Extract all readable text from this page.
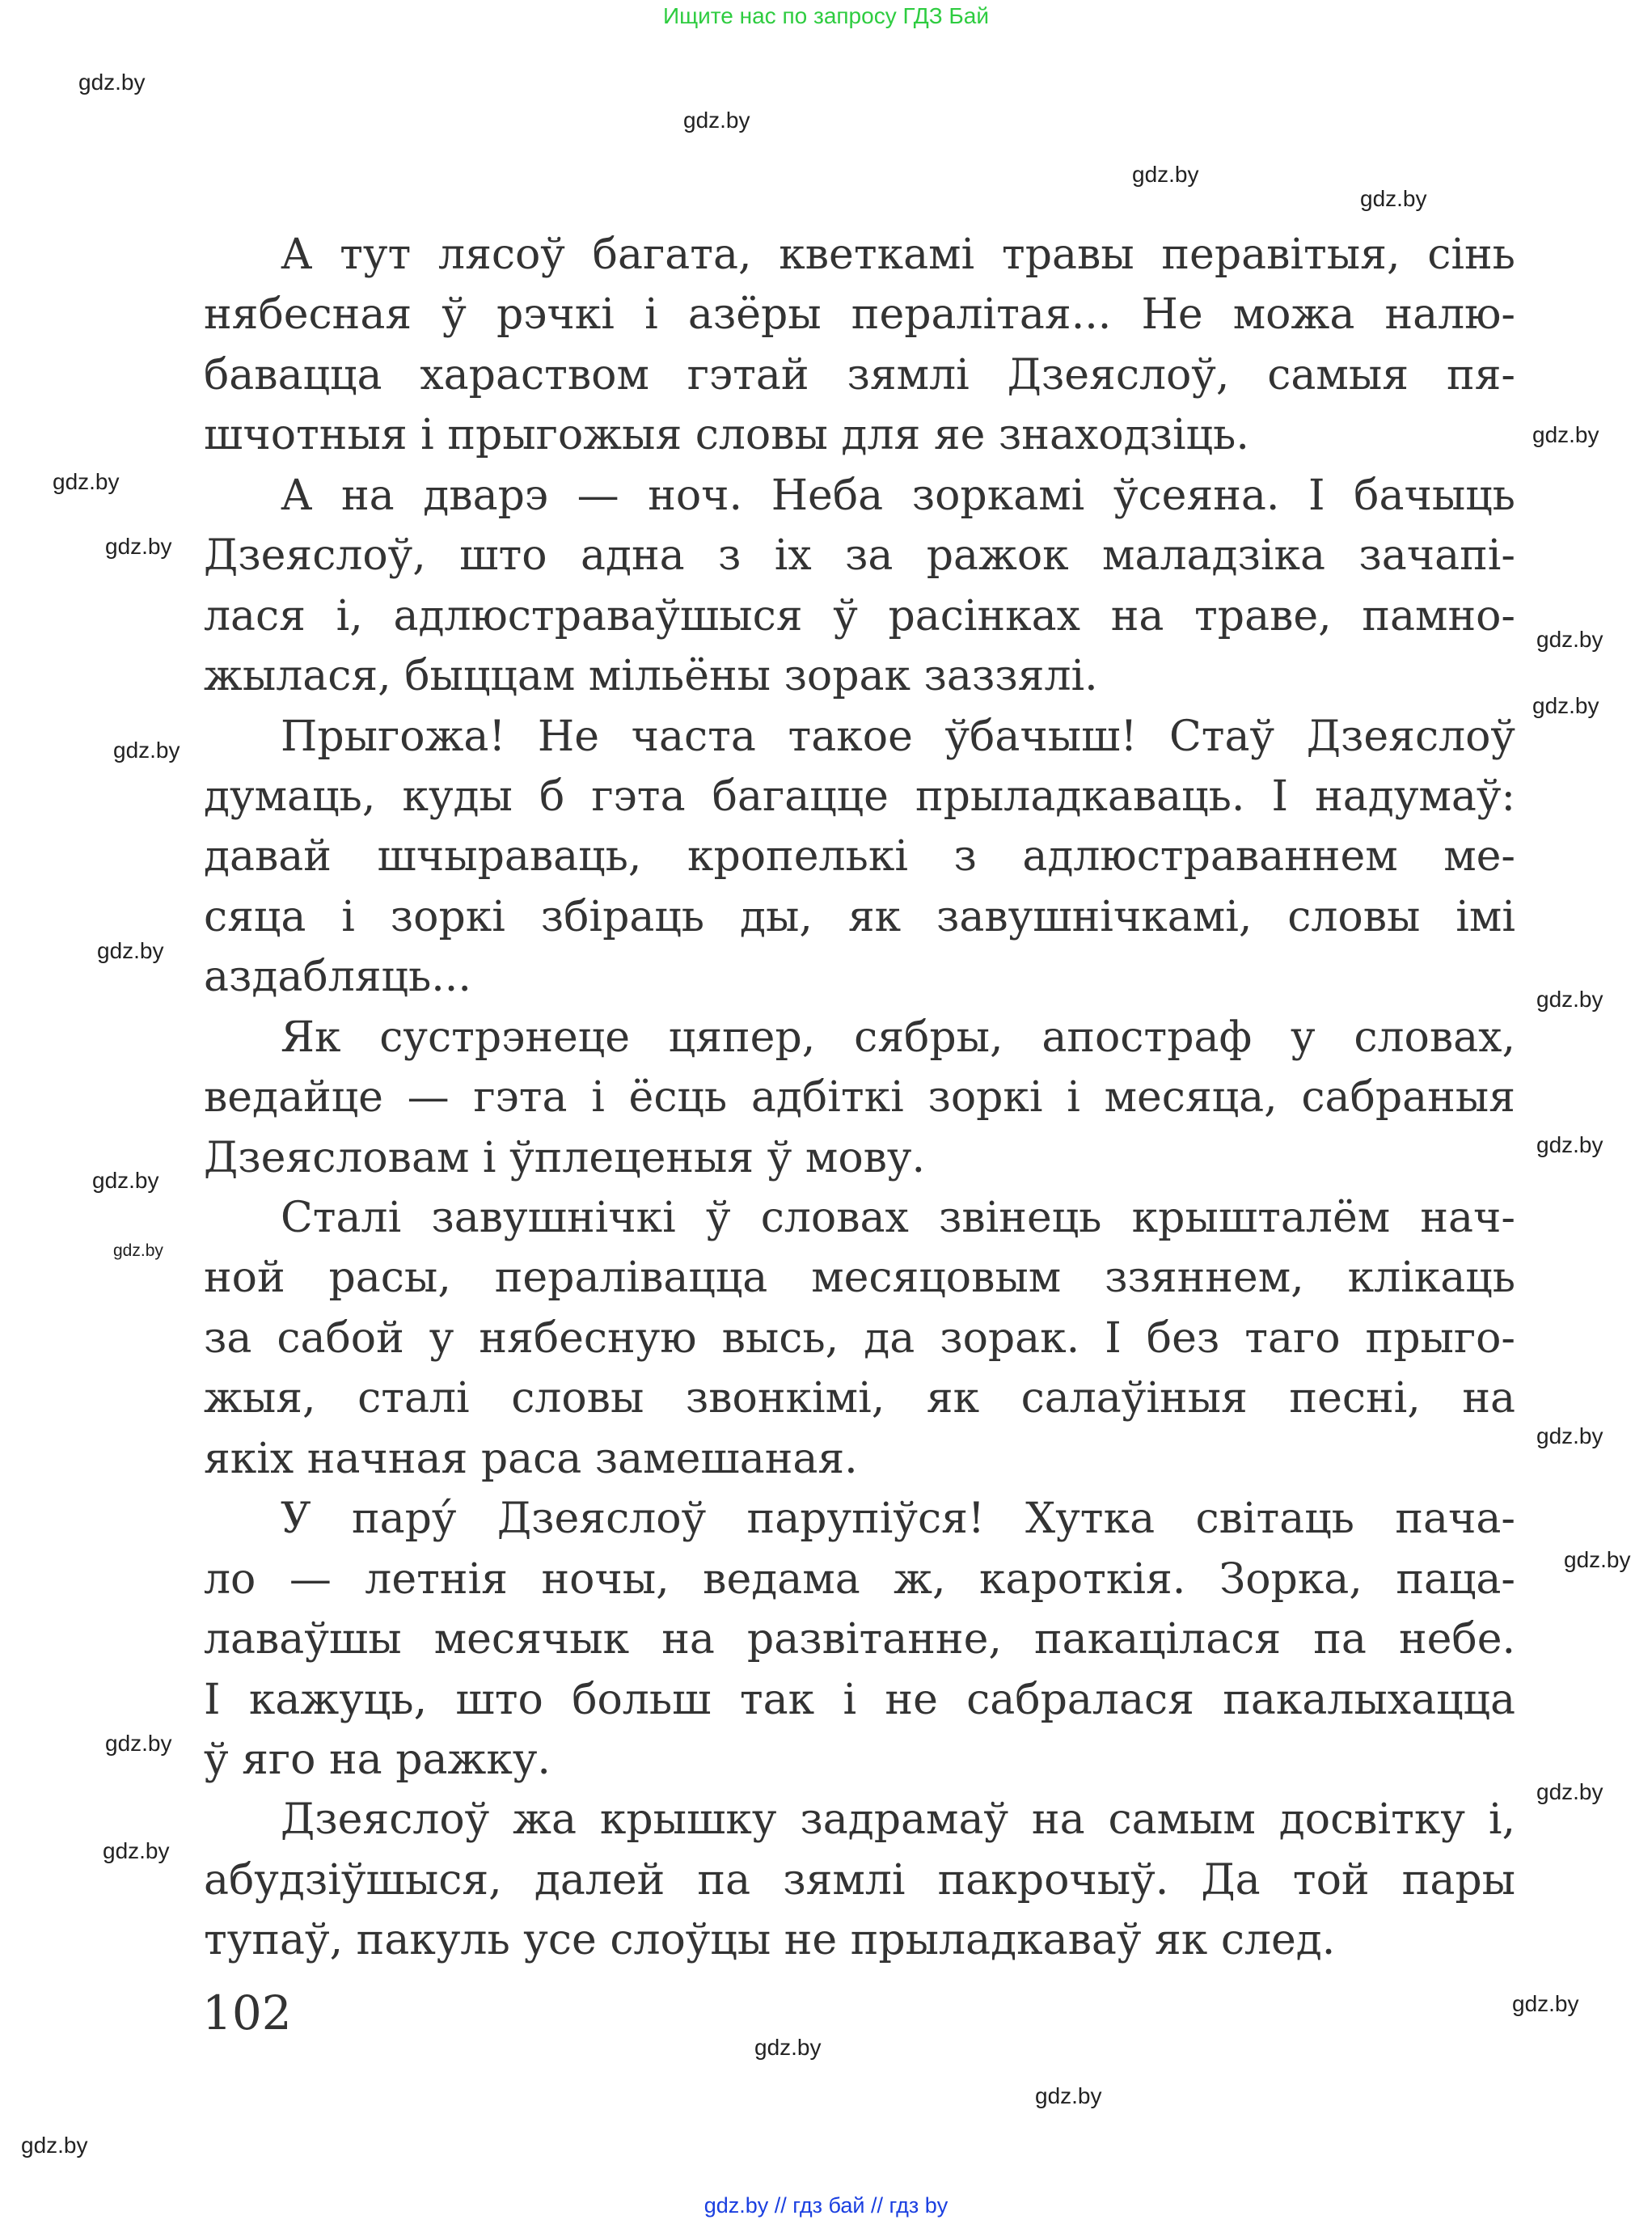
Ищите нас по запросу ГДЗ Бай
А тут лясоў багата, кветкамі травы перавітыя, сінь
нябесная ў рэчкі і азёры пералітая... Не можа налю-
бавацца хараством гэтай зямлі Дзеяслоў, самыя пя-
шчотныя і прыгожыя словы для яе знаходзіць.
А на дварэ — ноч. Неба зоркамі ўсеяна. І бачыць
Дзеяслоў, што адна з іх за ражок маладзіка зачапі-
лася і, адлюстраваўшыся ў расінках на траве, памно-
жылася, быццам мільёны зорак заззялі.
Прыгожа! Не часта такое ўбачыш! Стаў Дзеяслоў
думаць, куды б гэта багацце прыладкаваць. І надумаў:
давай шчыраваць, кропелькі з адлюстраваннем ме-
сяца і зоркі збіраць ды, як завушнічкамі, словы імі
аздабляць...
Як сустрэнеце цяпер, сябры, апостраф у словах,
ведайце — гэта і ёсць адбіткі зоркі і месяца, сабраныя
Дзеясловам і ўплеценыя ў мову.
Сталі завушнічкі ў словах звінець крышталём нач-
ной расы, пераліваццa месяцовым ззяннем, клікаць
за сабой у нябесную высь, да зорак. І без таго прыго-
жыя, сталі словы звонкімі, як салаўіныя песні, на
якіх начная раса замешаная.
У пару́ Дзеяслоў парупіўся! Хутка світаць пача-
ло — летнія ночы, ведама ж, кароткія. Зорка, паца-
лаваўшы месячык на развітанне, пакацілася па небе.
І кажуць, што больш так і не сабралася пакалыхацца
ў яго на ражку.
Дзеяслоў жа крышку задрамаў на самым досвітку і,
абудзіўшыся, далей па зямлі пакрочыў. Да той пары
тупаў, пакуль усе слоўцы не прыладкаваў як след.
102
gdz.by
gdz.by
gdz.by
gdz.by
gdz.by
gdz.by
gdz.by
gdz.by
gdz.by
gdz.by
gdz.by
gdz.by
gdz.by
gdz.by
gdz.by
gdz.by
gdz.by
gdz.by
gdz.by
gdz.by
gdz.by
gdz.by
gdz.by
gdz.by
gdz.by // гдз бай // гдз by
